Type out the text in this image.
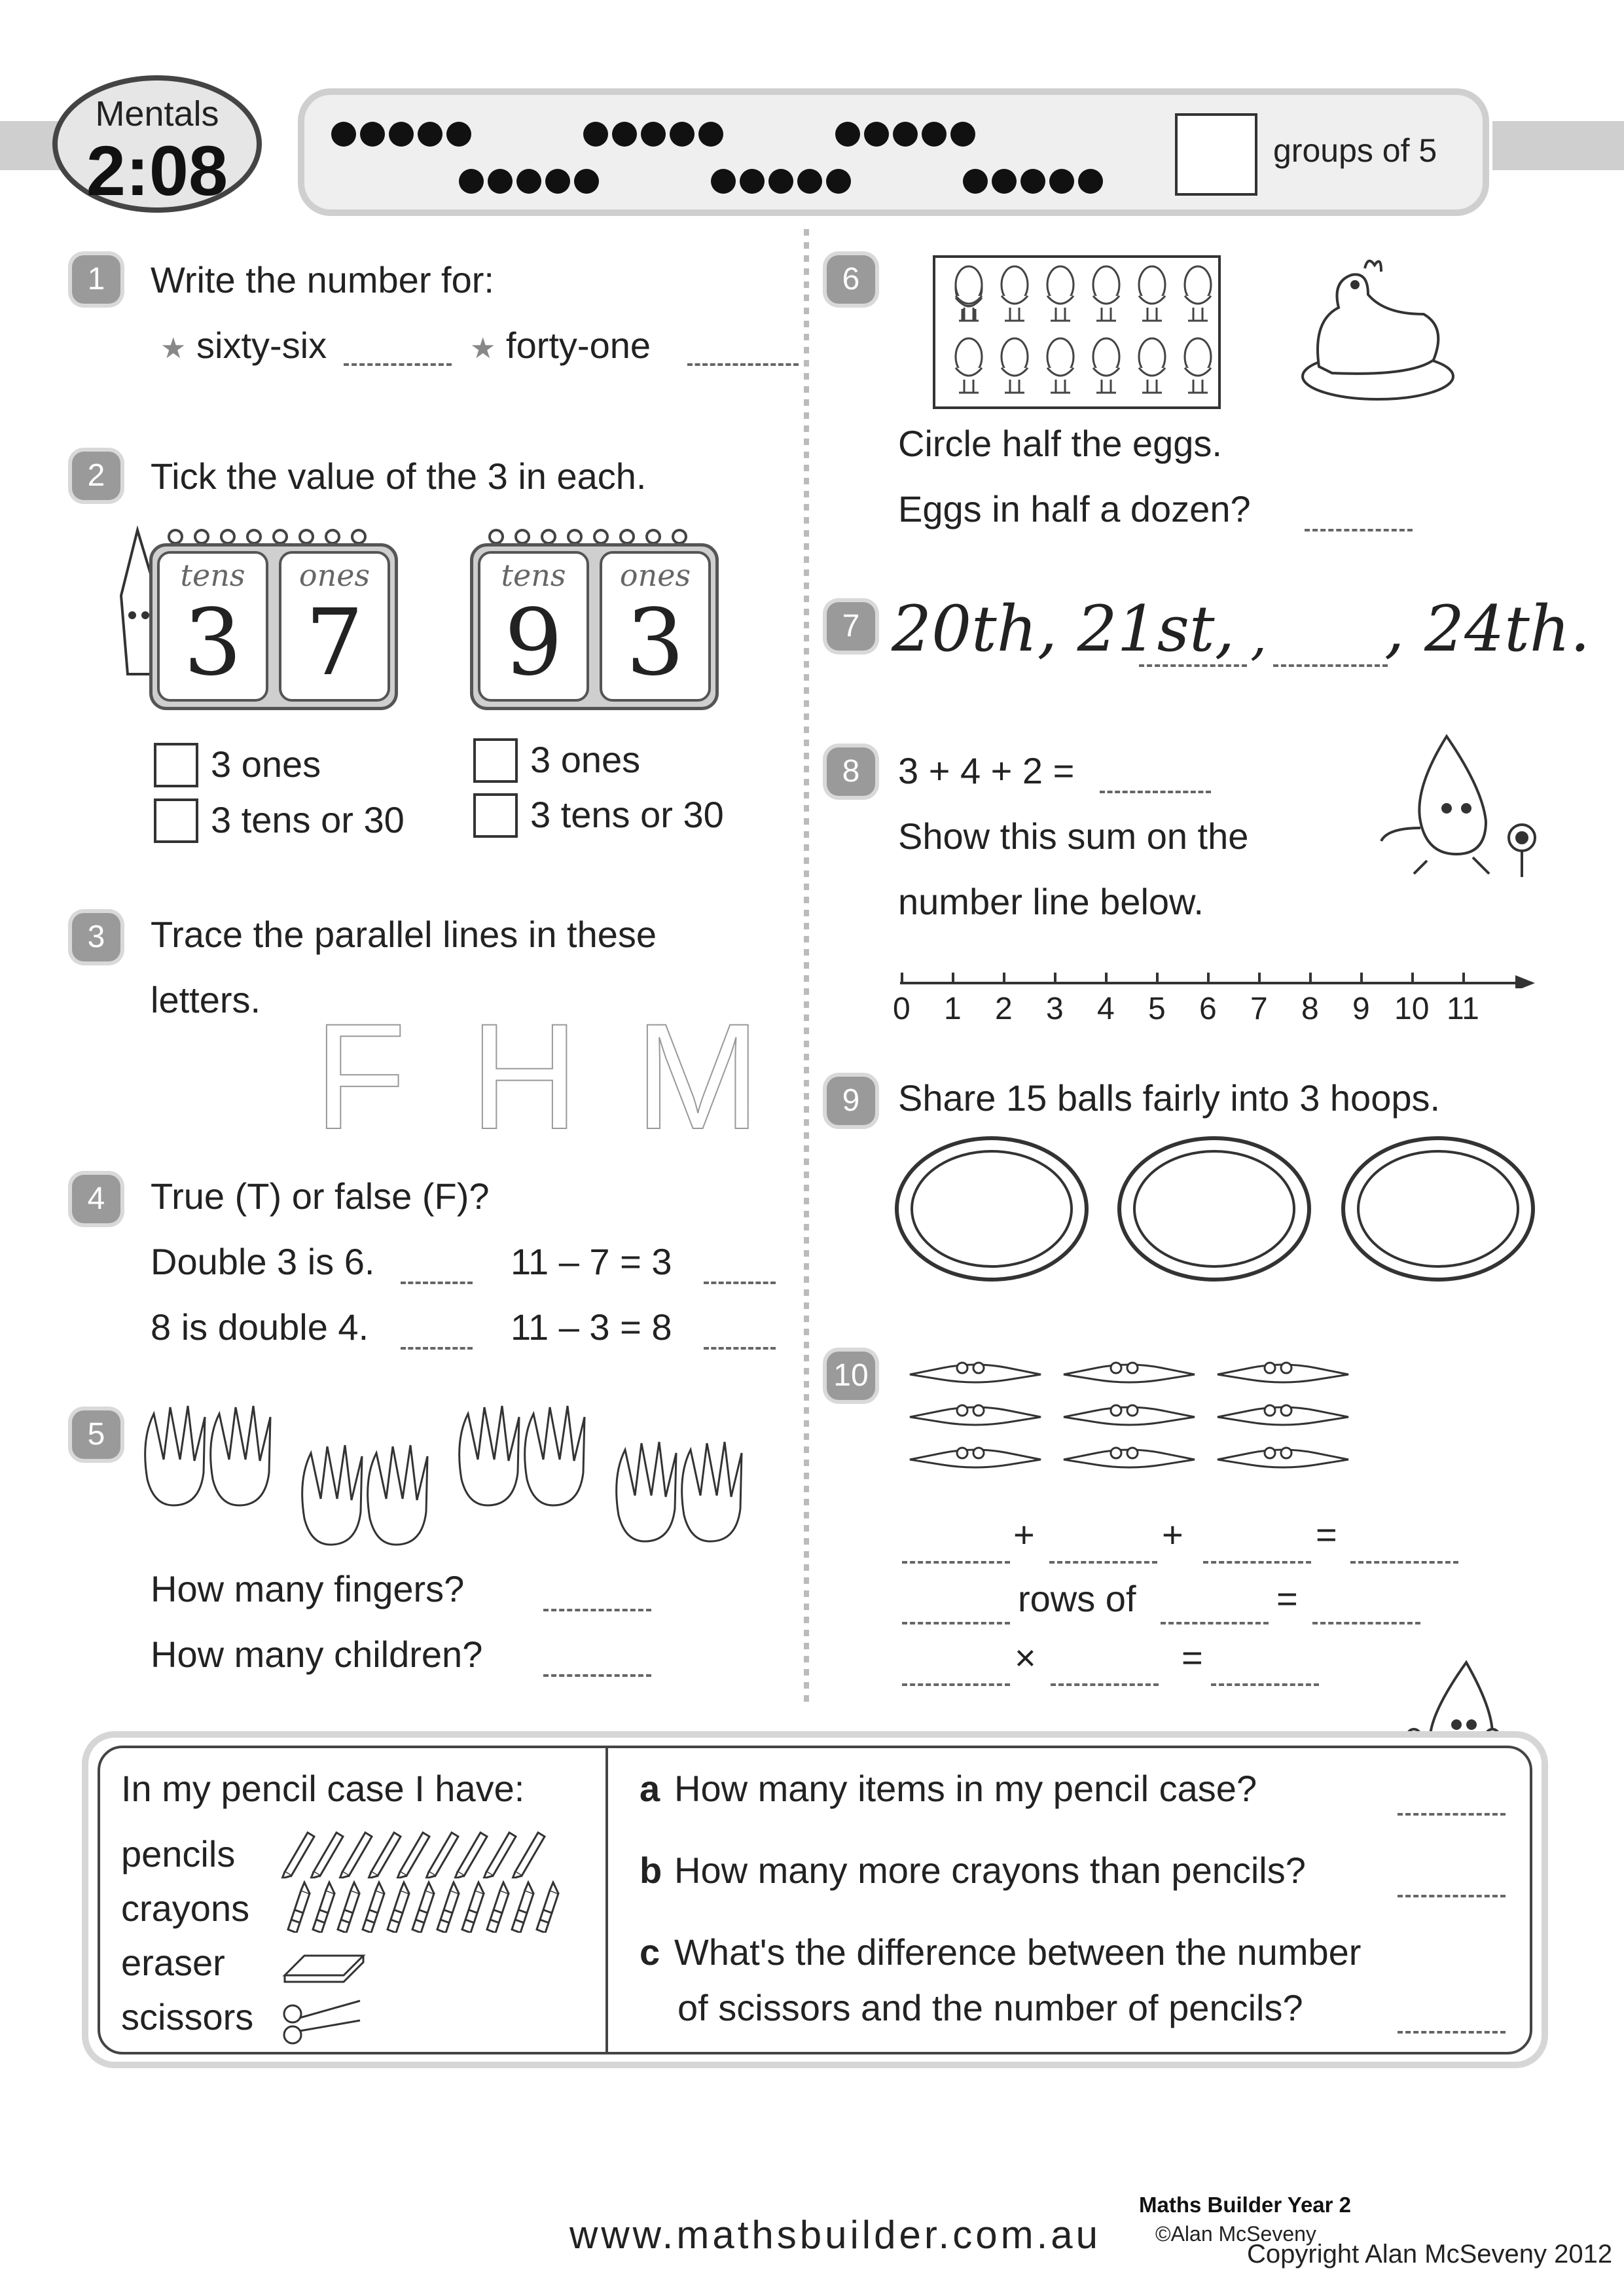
Mentals
2:08	groups of 5
1	Write the number for:
★ sixty-six	★ forty-one
2	Tick the value of the 3 in each.
tens
3
ones
7
tens
9
ones
3
3 ones
3 tens or 30
3 ones
3 tens or 30
3	Trace the parallel lines in these
letters. F H M
4	True (T) or false (F)?
Double 3 is 6.	11 – 7 = 3
8 is double 4.	11 – 3 = 8
5
How many fingers?
How many children?
6
Circle half the eggs.
Eggs in half a dozen?
7 20th, 21st, , , 24th.
8	3 + 4 + 2 =
Show this sum on the
number line below.
0 1 2 3 4 5 6 7 8 9 10 11
9	Share 15 balls fairly into 3 hoops.
10
+	+	=
rows of	=
×	=
In my pencil case I have:
pencils
crayons
eraser
scissors
a How many items in my pencil case?
b How many more crayons than pencils?
c What's the difference between the number
of scissors and the number of pencils?
www.mathsbuilder.com.au
Maths Builder Year 2
©Alan McSeveny
Copyright Alan McSeveny 2012
